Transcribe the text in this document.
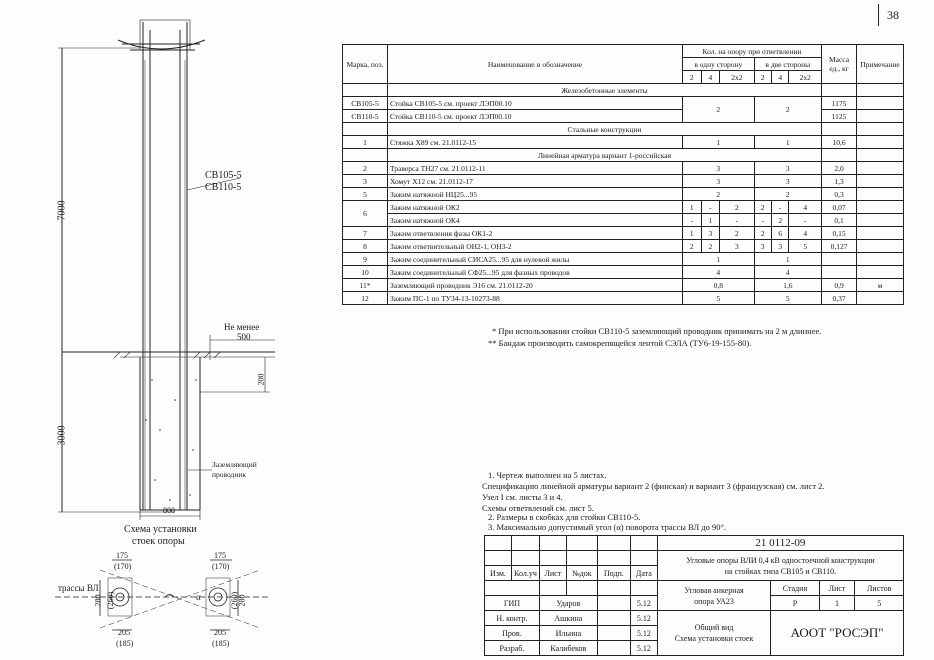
38
СВ105-5
СВ110-5
7000
3000
Не менее
500
200
800
Заземляющий
проводник
Схема установки
стоек опоры
трассы ВЛ
175
(170)
175
(170)
280 (260)	280
(260)
205
(185)
205
(185)
α
Марка, поз.	Наименование и обозначение	Кол. на опору при ответвлении						Масса ед., кг	Примечание
		в одну сторону			в две стороны				
		2	4	2х2	2	4	2х2		
	Железобетонные элементы								
СВ105-5	Стойка СВ105-5 см. проект ЛЭП00.10	2			2			1175	
СВ110-5	Стойка СВ110-5 см. проект ЛЭП00.10							1125	
	Стальные конструкции								
1	Стяжка Х89 см. 21.0112-15	1			1			10,6	
	Линейная арматура вариант 1-российская								
2	Траверса ТН27 см. 21.0112-11	3			3			2,0	
3	Хомут Х12 см. 21.0112-17	3			3			1,3	
5	Зажим натяжной НЦ25...95	2			2			0,3	
6	Зажим натяжной ОК2	1	-	2	2	-	4	0,07	
	Зажим натяжной ОК4	-	1	-	-	2	-	0,1	
7	Зажим ответвления фазы ОК1-2	1	3	2	2	6	4	0,15	
8	Зажим ответвительный ОН2-1, ОН3-2	2	2	3	3	3	5	0,127	
9	Зажим соединительный СИСА25...95 для нулевой жилы	1			1				
10	Зажим соединительный СФ25...95 для фазных проводов	4			4				
11*	Заземляющий проводник Э16 см. 21.0112-20	0,8			1,6			0,9	м
12	Зажим ПС-1 по ТУ34-13-10273-88	5			5			0,37	
* При использовании стойки СВ110-5 заземляющий проводник принимать на 2 м длиннее.
** Бандаж производить самокрепящейся лентой СЭЛА (ТУ6-19-155-80).
1. Чертеж выполнен на 5 листах.
Спецификацию линейной арматуры вариант 2 (финская) и вариант 3 (французская) см. лист 2.
Узел I см. листы 3 и 4.
Схемы ответвлений см. лист 5.
2. Размеры в скобках для стойки СВ110-5.
3. Максимально допустимый угол (α) поворота трассы ВЛ до 90°.
						21 0112-09			

						Угловые опоры ВЛИ 0,4 кВ одностоечной конструкции
на стойках типа СВ105 и СВ110.			

Изм.	Кол.уч	Лист	№док	Подп.	Дата				

						Угловая анкерная
опора УА23	Стадия	Лист	Листов
ГИП		Ударов			5.12		Р	1	5
Н. контр.		Ашкина			5.12	Общий вид
Схема установки стоек	АООТ "РОСЭП"		
Пров.		Ильина			5.12				
Разраб.		Калибеков			5.12				
